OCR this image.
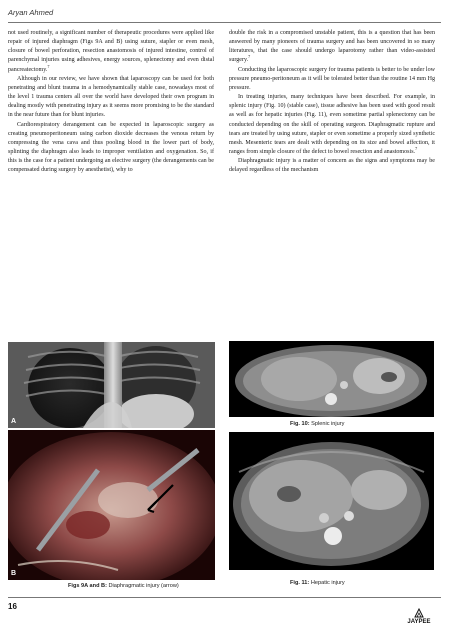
Aryan Ahmed

not used routinely, a significant number of therapeutic procedures were applied like repair of injured diaphragm (Figs 9A and B) using suture, stapler or even mesh, closure of bowel perforation, resection anastomosis of injured intestine, control of parenchymal injuries using adhesives, energy sources, splenectomy and even distal pancreatectomy.$^7$

Although in our review, we have shown that laparoscopy can be used for both penetrating and blunt trauma in a hemodynamically stable case, nowadays most of the level 1 trauma centers all over the world have developed their own program in dealing mostly with penetrating injury as it seems more promising to be the standard in the near future than for blunt injuries.

Cardiorespiratory derangement can be expected in laparoscopic surgery as creating pneumoperitoneum using carbon dioxide decreases the venous return by compressing the vena cava and thus pooling blood in the lower part of body, splinting the diaphragm also leads to improper ventilation and oxygenation. So, if this is the case for a patient undergoing an elective surgery (the derangements can be compensated during surgery by anesthetist), why to

double the risk in a compromised unstable patient, this is a question that has been answered by many pioneers of trauma surgery and has been uncovered in so many literatures, that the case should undergo laparotomy rather than video-assisted surgery.$^7$

Conducting the laparoscopic surgery for trauma patients is better to be under low pressure pneumo-peritoneum as it will be tolerated better than the routine 14 mm Hg pressure.

In treating injuries, many techniques have been described. For example, in splenic injury (Fig. 10) (stable case), tissue adhesive has been used with good result as well as for hepatic injuries (Fig. 11), even sometime partial splenectomy can be conducted depending on the skill of operating surgeon. Diaphragmatic rupture and tears are treated by using suture, stapler or even sometime a properly sized synthetic mesh. Mesenteric tears are dealt with depending on its size and bowel affection, it ranges from simple closure of the defect to bowel resection and anastomosis.$^7$

Diaphragmatic injury is a matter of concern as the signs and symptoms may be delayed regardless of the mechanism

A
B
Figs 9A and B: Diaphragmatic injury (arrow)
Fig. 10: Splenic injury
Fig. 11: Hepatic injury
16
JAYPEE
